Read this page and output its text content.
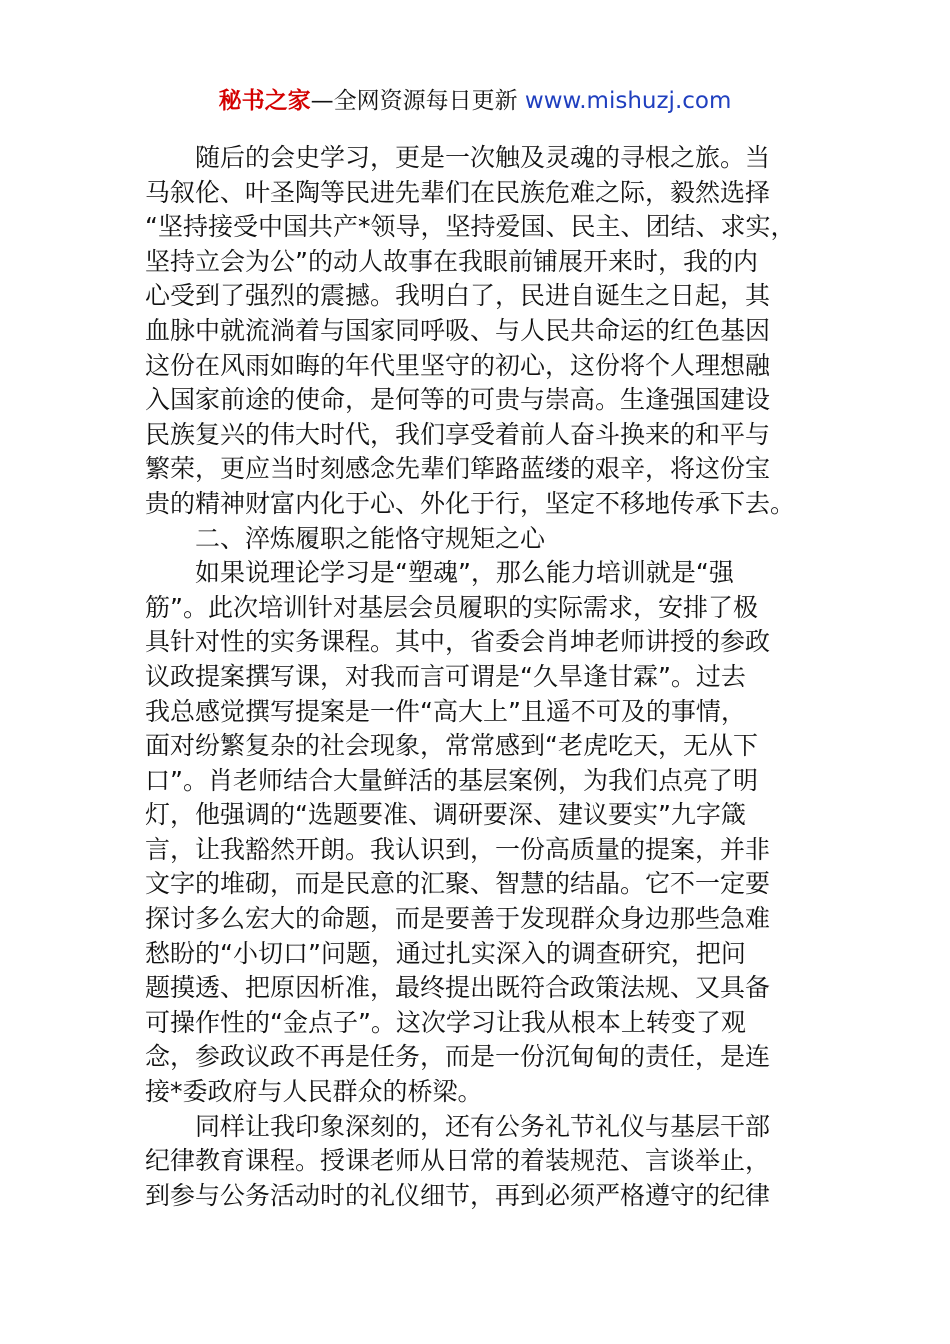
秘书之家—全网资源每日更新 www.mishuzj.com
随后的会史学习，更是一次触及灵魂的寻根之旅。当
马叙伦、叶圣陶等民进先辈们在民族危难之际，毅然选择
“坚持接受中国共产*领导，坚持爱国、民主、团结、求实，
坚持立会为公”的动人故事在我眼前铺展开来时，我的内
心受到了强烈的震撼。我明白了，民进自诞生之日起，其
血脉中就流淌着与国家同呼吸、与人民共命运的红色基因
这份在风雨如晦的年代里坚守的初心，这份将个人理想融
入国家前途的使命，是何等的可贵与崇高。生逢强国建设
民族复兴的伟大时代，我们享受着前人奋斗换来的和平与
繁荣，更应当时刻感念先辈们筚路蓝缕的艰辛，将这份宝
贵的精神财富内化于心、外化于行，坚定不移地传承下去。
二、淬炼履职之能恪守规矩之心
如果说理论学习是“塑魂”，那么能力培训就是“强
筋”。此次培训针对基层会员履职的实际需求，安排了极
具针对性的实务课程。其中，省委会肖坤老师讲授的参政
议政提案撰写课，对我而言可谓是“久旱逢甘霖”。过去
我总感觉撰写提案是一件“高大上”且遥不可及的事情，
面对纷繁复杂的社会现象，常常感到“老虎吃天，无从下
口”。肖老师结合大量鲜活的基层案例，为我们点亮了明
灯，他强调的“选题要准、调研要深、建议要实”九字箴
言，让我豁然开朗。我认识到，一份高质量的提案，并非
文字的堆砌，而是民意的汇聚、智慧的结晶。它不一定要
探讨多么宏大的命题，而是要善于发现群众身边那些急难
愁盼的“小切口”问题，通过扎实深入的调查研究，把问
题摸透、把原因析准，最终提出既符合政策法规、又具备
可操作性的“金点子”。这次学习让我从根本上转变了观
念，参政议政不再是任务，而是一份沉甸甸的责任，是连
接*委政府与人民群众的桥梁。
同样让我印象深刻的，还有公务礼节礼仪与基层干部
纪律教育课程。授课老师从日常的着装规范、言谈举止，
到参与公务活动时的礼仪细节，再到必须严格遵守的纪律
